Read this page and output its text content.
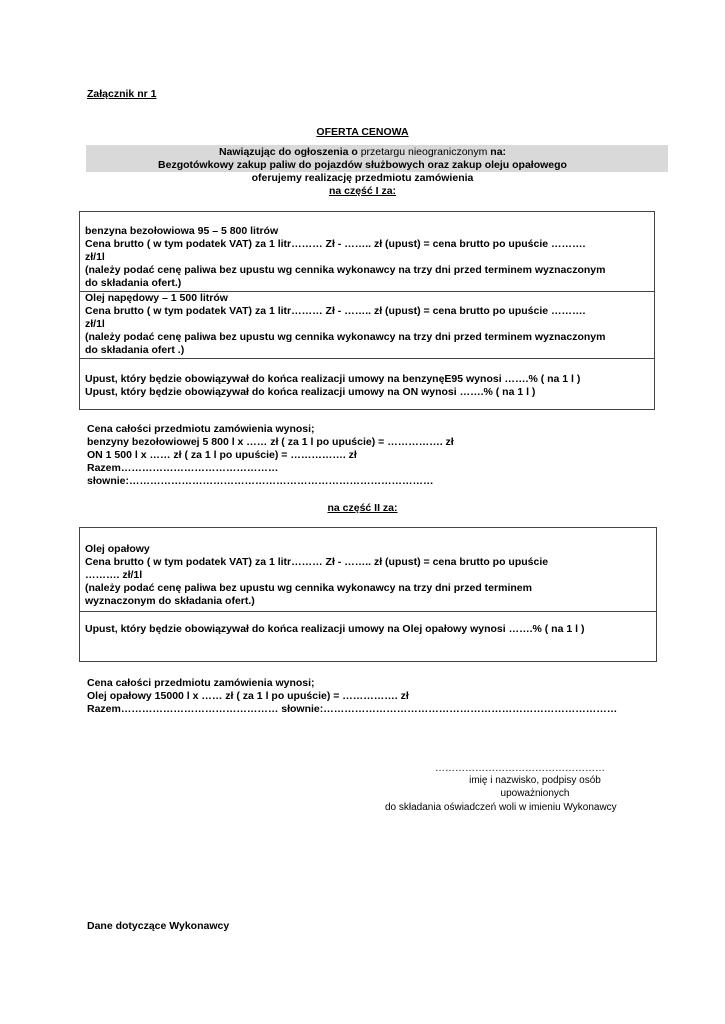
Załącznik nr 1
OFERTA CENOWA
Nawiązując do ogłoszenia o przetargu nieograniczonym na:
Bezgotówkowy zakup paliw do pojazdów służbowych oraz zakup oleju opałowego
oferujemy realizację przedmiotu zamówienia
na część I za:
benzyna bezołowiowa 95 – 5 800 litrów
Cena brutto ( w tym podatek VAT) za 1 litr……… Zł - …….. zł (upust) = cena brutto po upuście ……….
zł/1l
(należy podać cenę paliwa bez upustu wg cennika wykonawcy na trzy dni przed terminem wyznaczonym
do składania ofert.)
Olej napędowy – 1 500 litrów
Cena brutto ( w tym podatek VAT) za 1 litr……… Zł - …….. zł (upust) = cena brutto po upuście ……….
zł/1l
(należy podać cenę paliwa bez upustu wg cennika wykonawcy na trzy dni przed terminem wyznaczonym
do składania ofert .)
Upust, który będzie obowiązywał do końca realizacji umowy na benzynęE95 wynosi …….% ( na 1 l )
Upust, który będzie obowiązywał do końca realizacji umowy na ON wynosi …….% ( na 1 l )
Cena całości przedmiotu zamówienia wynosi;
benzyny bezołowiowej 5 800 l x …… zł ( za 1 l po upuście) = ……………. zł
ON 1 500 l x …… zł ( za 1 l po upuście) = ……………. zł
Razem………………………………………
słownie:……………………………………………………………………………
na część II za:
Olej opałowy
Cena brutto ( w tym podatek VAT) za 1 litr……… Zł - …….. zł (upust) = cena brutto po upuście
………. zł/1l
(należy podać cenę paliwa bez upustu wg cennika wykonawcy na trzy dni przed terminem
wyznaczonym do składania ofert.)
Upust, który będzie obowiązywał do końca realizacji umowy na Olej opałowy wynosi …….% ( na 1 l )
Cena całości przedmiotu zamówienia wynosi;
Olej opałowy 15000 l x …… zł ( za 1 l po upuście) = ……………. zł
Razem……………………………………… słownie:…………………………………………………………………………
……………………………………………
imię i nazwisko, podpisy osób
upoważnionych
do składania oświadczeń woli w imieniu Wykonawcy
Dane dotyczące Wykonawcy
